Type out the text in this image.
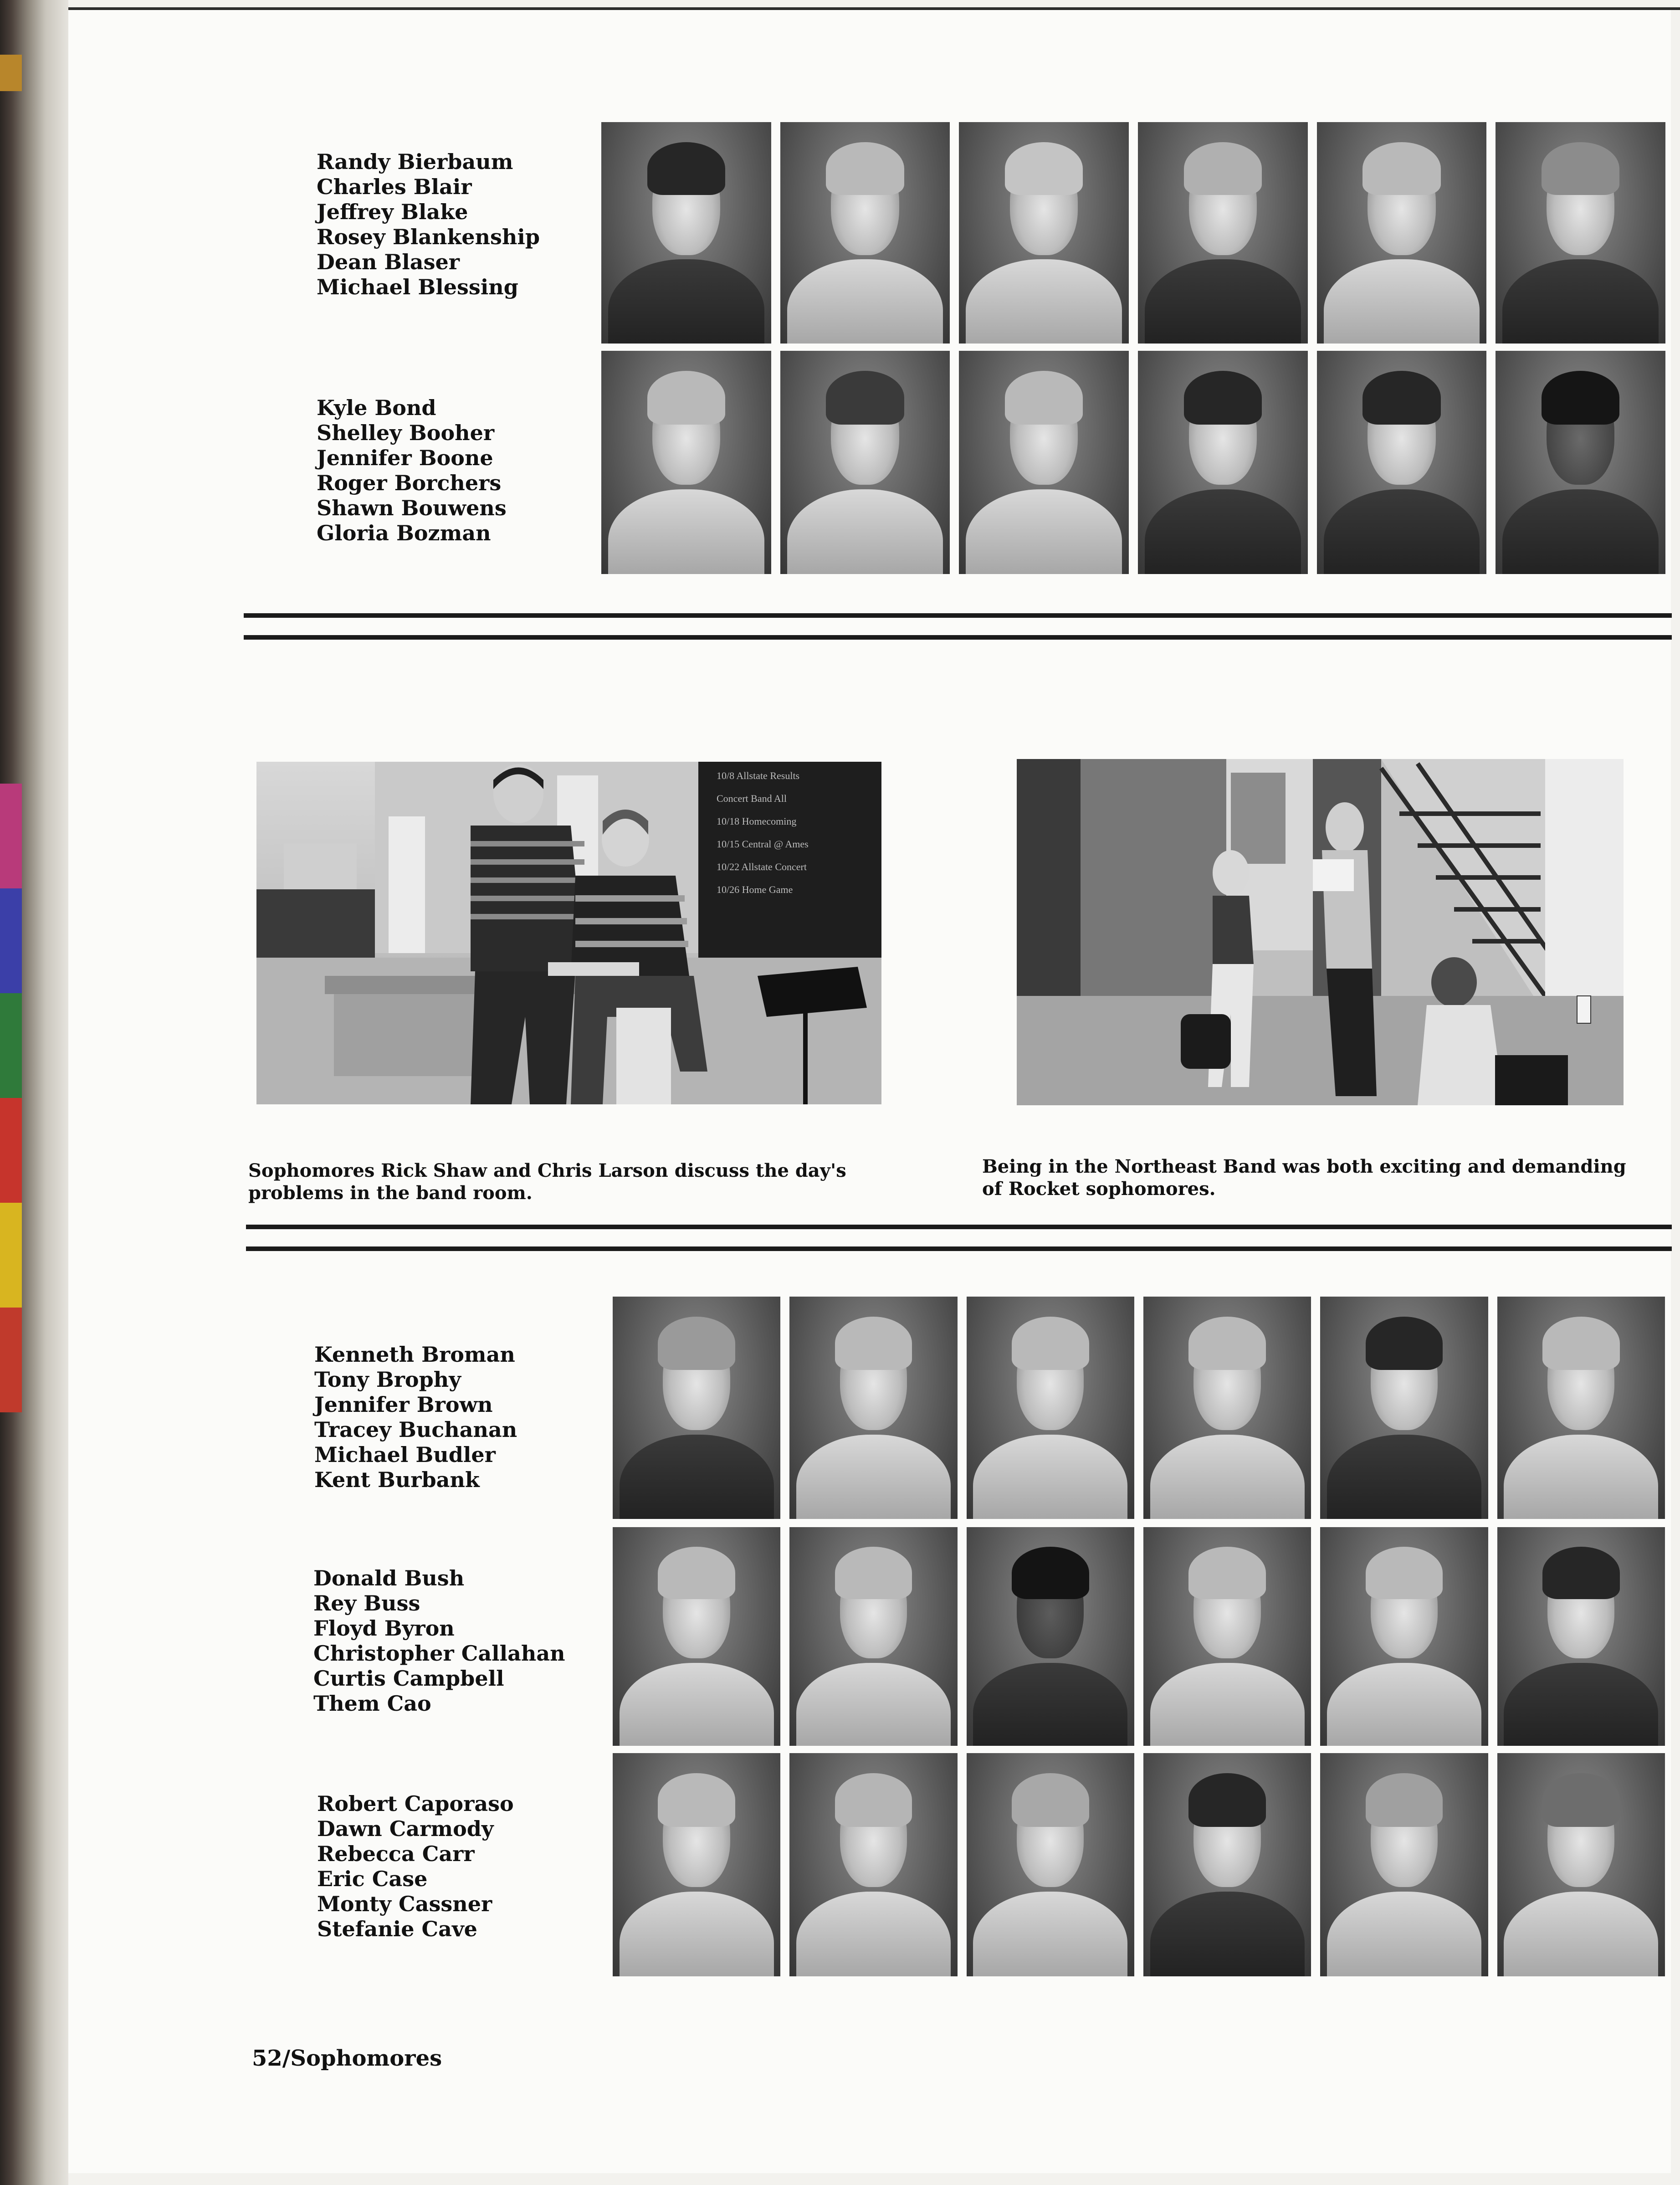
Randy Bierbaum
Charles Blair
Jeffrey Blake
Rosey Blankenship
Dean Blaser
Michael Blessing
Kyle Bond
Shelley Booher
Jennifer Boone
Roger Borchers
Shawn Bouwens
Gloria Bozman
10/8 Allstate Results
Concert Band All
10/18 Homecoming
10/15 Central @ Ames
10/22 Allstate Concert
10/26 Home Game
Sophomores Rick Shaw and Chris Larson discuss the day's problems in the band room.
Being in the Northeast Band was both exciting and demanding of Rocket sophomores.
Kenneth Broman
Tony Brophy
Jennifer Brown
Tracey Buchanan
Michael Budler
Kent Burbank
Donald Bush
Rey Buss
Floyd Byron
Christopher Callahan
Curtis Campbell
Them Cao
Robert Caporaso
Dawn Carmody
Rebecca Carr
Eric Case
Monty Cassner
Stefanie Cave
52/Sophomores
